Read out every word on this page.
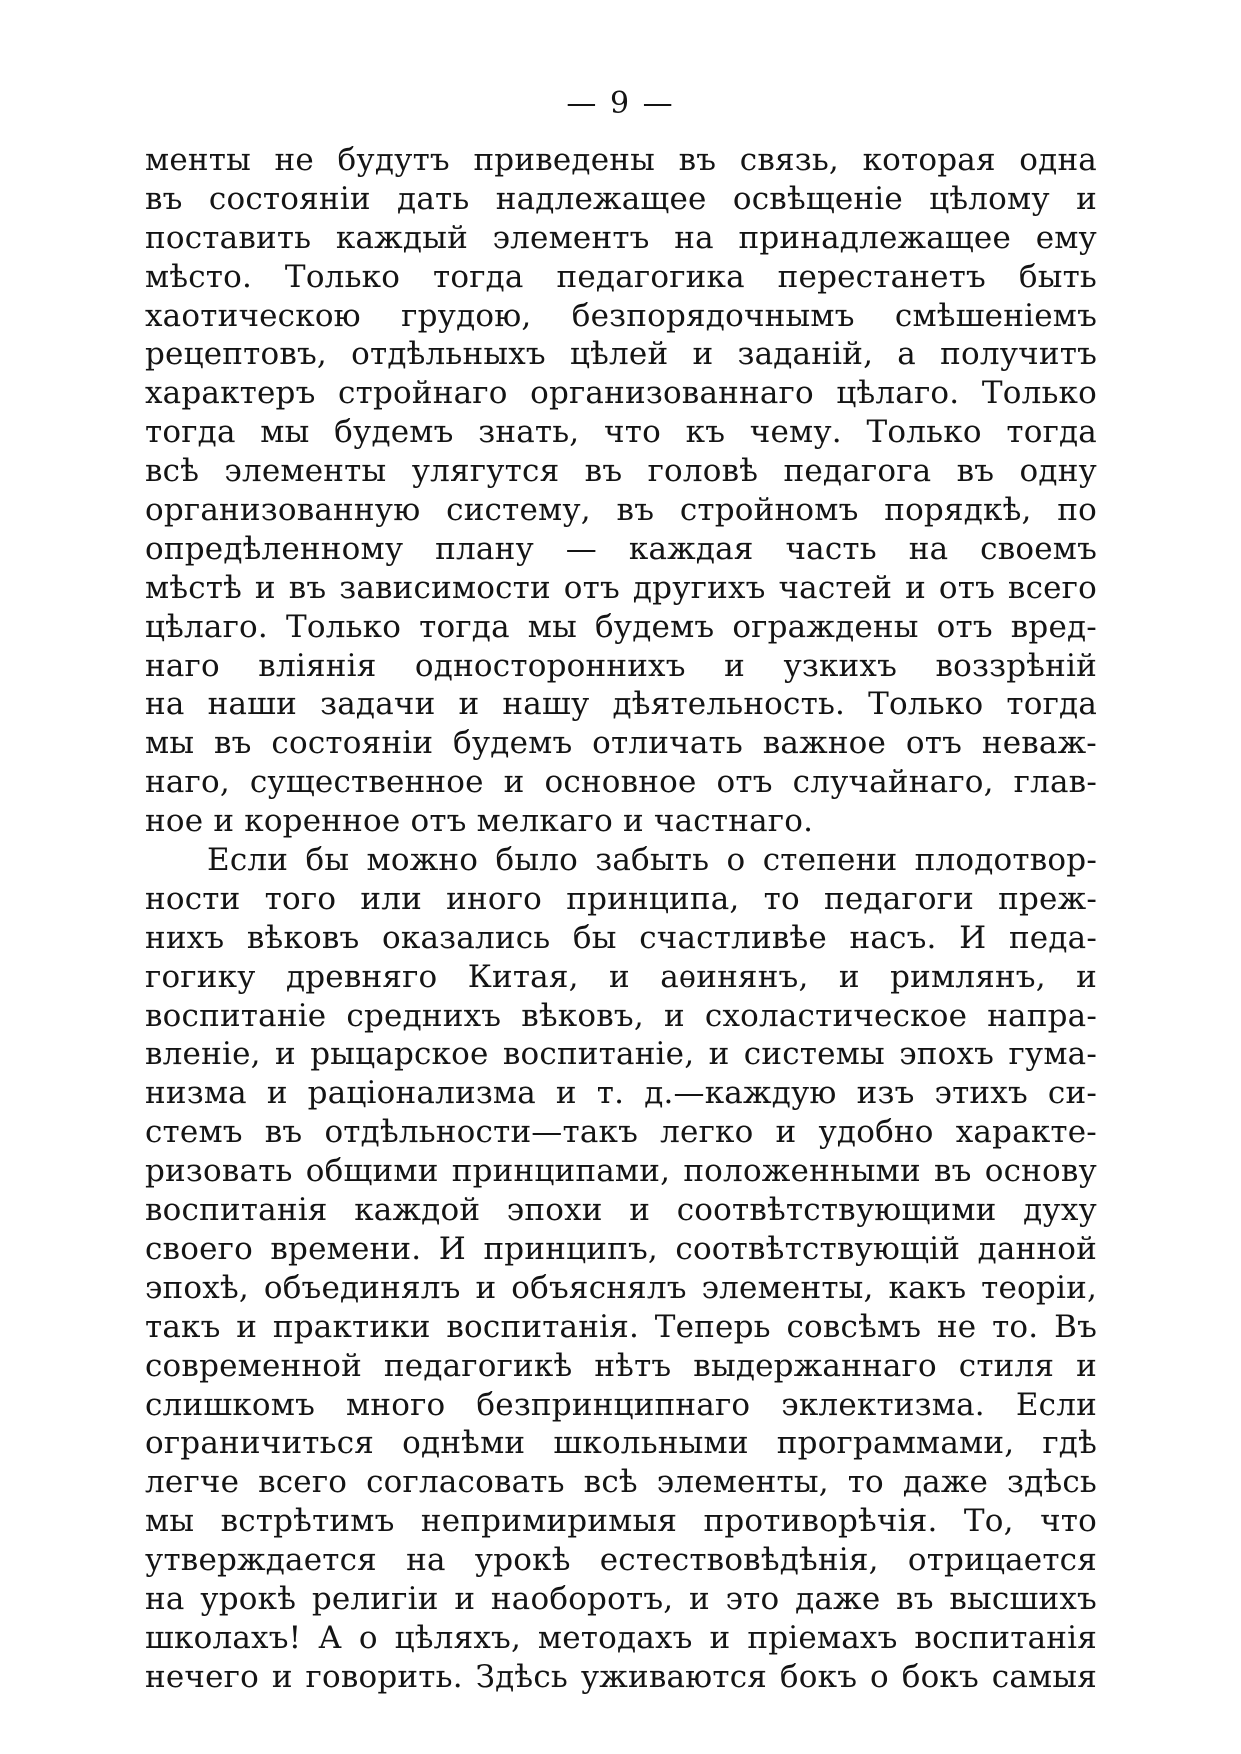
— 9 —
менты не будутъ приведены въ связь, которая одна
въ состоянiи дать надлежащее освѣщенiе цѣлому и
поставить каждый элементъ на принадлежащее ему
мѣсто. Только тогда педагогика перестанетъ быть
хаотическою грудою, безпорядочнымъ смѣшенiемъ
рецептовъ, отдѣльныхъ цѣлей и заданiй, а получитъ
характеръ стройнаго организованнаго цѣлаго. Только
тогда мы будемъ знать, что къ чему. Только тогда
всѣ элементы улягутся въ головѣ педагога въ одну
организованную систему, въ стройномъ порядкѣ, по
опредѣленному плану — каждая часть на своемъ
мѣстѣ и въ зависимости отъ другихъ частей и отъ всего
цѣлаго. Только тогда мы будемъ ограждены отъ вред-
наго влiянiя одностороннихъ и узкихъ воззрѣнiй
на наши задачи и нашу дѣятельность. Только тогда
мы въ состоянiи будемъ отличать важное отъ неваж-
наго, существенное и основное отъ случайнаго, глав-
ное и коренное отъ мелкаго и частнаго.
Если бы можно было забыть о степени плодотвор-
ности того или иного принципа, то педагоги преж-
нихъ вѣковъ оказались бы счастливѣе насъ. И педа-
гогику древняго Китая, и аѳинянъ, и римлянъ, и
воспитанiе среднихъ вѣковъ, и схоластическое напра-
вленiе, и рыцарское воспитанiе, и системы эпохъ гума-
низма и рацiонализма и т. д.—каждую изъ этихъ си-
стемъ въ отдѣльности—такъ легко и удобно характе-
ризовать общими принципами, положенными въ основу
воспитанiя каждой эпохи и соотвѣтствующими духу
своего времени. И принципъ, соотвѣтствующiй данной
эпохѣ, объединялъ и объяснялъ элементы, какъ теорiи,
такъ и практики воспитанiя. Теперь совсѣмъ не то. Въ
современной педагогикѣ нѣтъ выдержаннаго стиля и
слишкомъ много безпринципнаго эклектизма. Если
ограничиться однѣми школьными программами, гдѣ
легче всего согласовать всѣ элементы, то даже здѣсь
мы встрѣтимъ непримиримыя противорѣчiя. То, что
утверждается на урокѣ естествовѣдѣнiя, отрицается
на урокѣ религiи и наоборотъ, и это даже въ высшихъ
школахъ! А о цѣляхъ, методахъ и прiемахъ воспитанiя
нечего и говорить. Здѣсь уживаются бокъ о бокъ самыя
